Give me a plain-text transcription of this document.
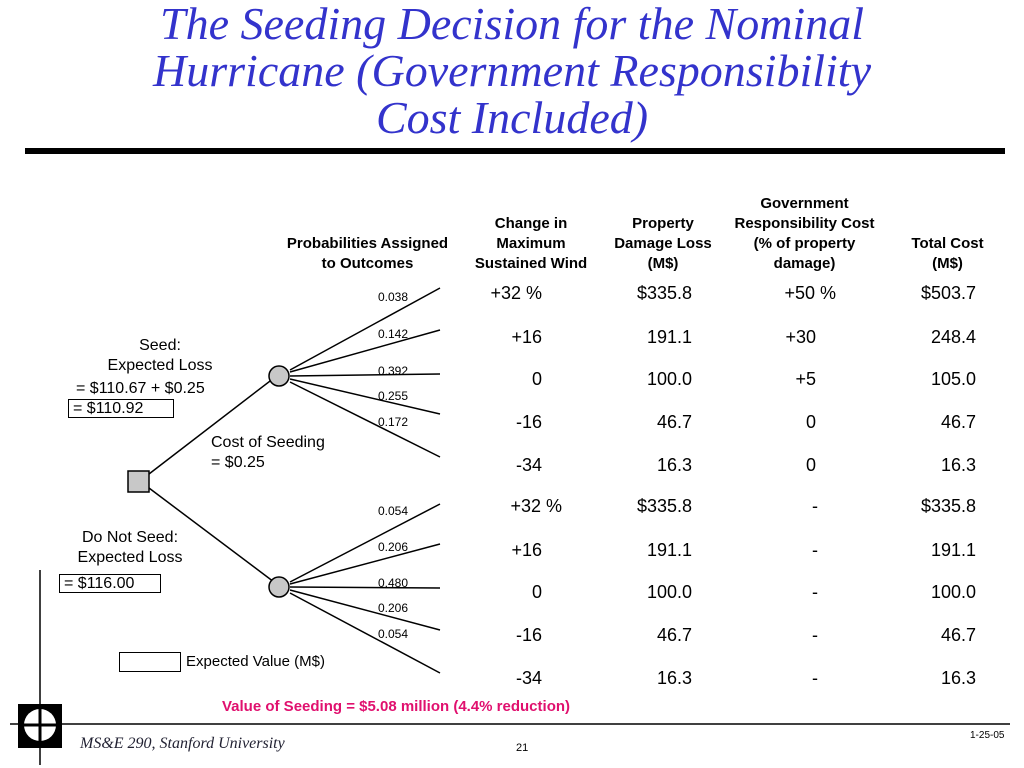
The Seeding Decision for the Nominal
Hurricane (Government Responsibility
Cost Included)
Probabilities Assigned
to Outcomes
Change in
Maximum
Sustained Wind
Property
Damage Loss
(M$)
Government
Responsibility Cost
(% of property
damage)
Total Cost
(M$)
Seed:
Expected Loss
= $110.67 + $0.25
= $110.92
Cost of Seeding
= $0.25
Do Not Seed:
Expected Loss
= $116.00
0.038
0.142
0.392
0.255
0.172
0.054
0.206
0.480
0.206
0.054
+32 %	$335.8	+50 %	$503.7
+16	191.1	+30	248.4
0	100.0	+5	105.0
-16	46.7	0	46.7
-34	16.3	0	16.3
+32 %	$335.8	-	$335.8
+16	191.1	-	191.1
0	100.0	-	100.0
-16	46.7	-	46.7
-34	16.3	-	16.3
Expected Value (M$)
Value of Seeding = $5.08 million (4.4% reduction)
MS&E 290, Stanford University	21
1-25-05
